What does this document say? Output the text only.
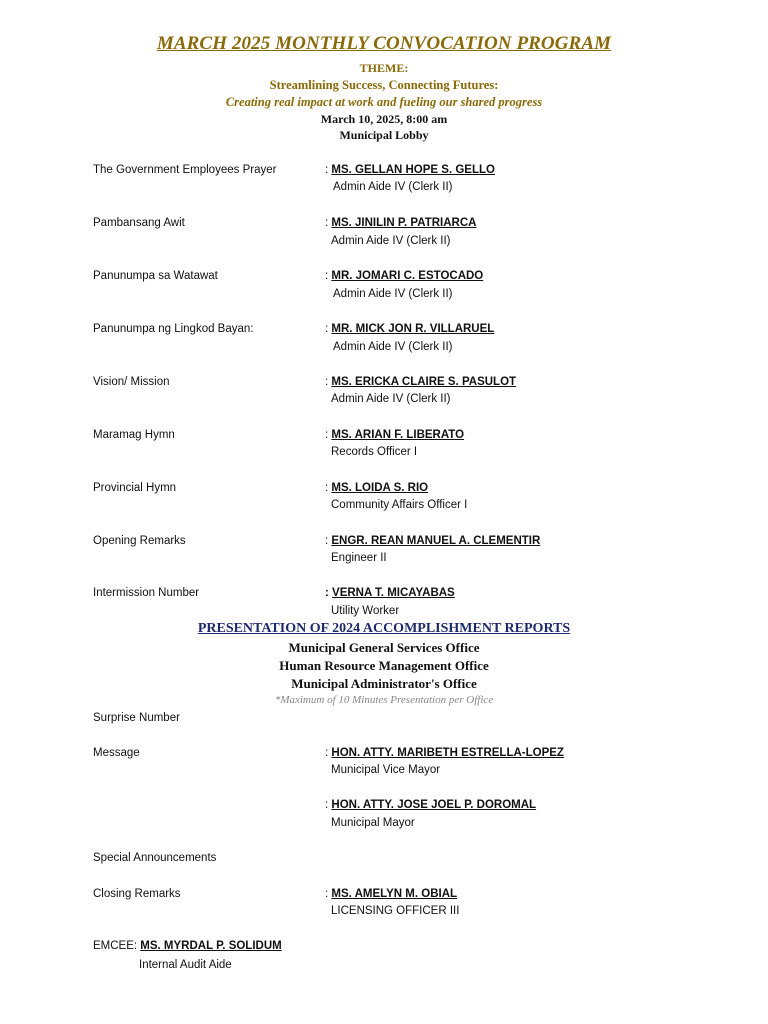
MARCH 2025 MONTHLY CONVOCATION PROGRAM
THEME:
Streamlining Success, Connecting Futures:
Creating real impact at work and fueling our shared progress
March 10, 2025, 8:00 am
Municipal Lobby
The Government Employees Prayer	: MS. GELLAN HOPE S. GELLO
Admin Aide IV (Clerk II)
Pambansang Awit	: MS. JINILIN P. PATRIARCA
Admin Aide IV (Clerk II)
Panunumpa sa Watawat	: MR. JOMARI C. ESTOCADO
Admin Aide IV (Clerk II)
Panunumpa ng Lingkod Bayan:	: MR. MICK JON R. VILLARUEL
Admin Aide IV (Clerk II)
Vision/ Mission	: MS. ERICKA CLAIRE S. PASULOT
Admin Aide IV (Clerk II)
Maramag Hymn	: MS. ARIAN F. LIBERATO
Records Officer I
Provincial Hymn	: MS. LOIDA S. RIO
Community Affairs Officer I
Opening Remarks	: ENGR. REAN MANUEL A. CLEMENTIR
Engineer II
Intermission Number	: VERNA T. MICAYABAS
Utility Worker
PRESENTATION OF 2024 ACCOMPLISHMENT REPORTS
Municipal General Services Office
Human Resource Management Office
Municipal Administrator's Office
*Maximum of 10 Minutes Presentation per Office
Surprise Number
Message	: HON. ATTY. MARIBETH ESTRELLA-LOPEZ
Municipal Vice Mayor
: HON. ATTY. JOSE JOEL P. DOROMAL
Municipal Mayor
Special Announcements
Closing Remarks	: MS. AMELYN M. OBIAL
LICENSING OFFICER III
EMCEE: MS. MYRDAL P. SOLIDUM
Internal Audit Aide
